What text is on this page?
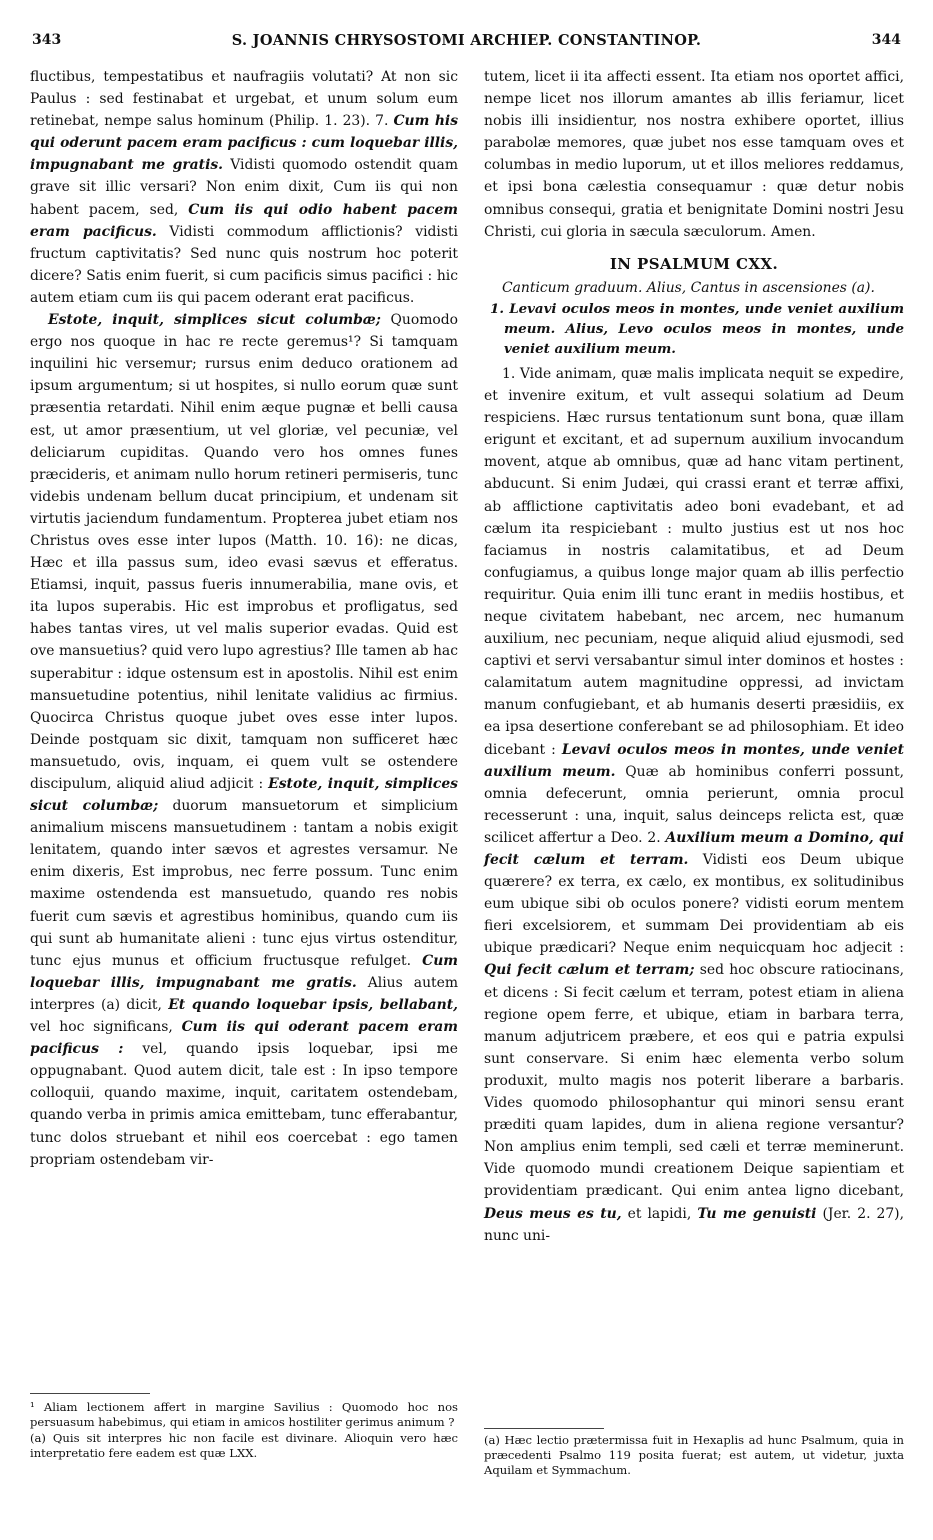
343	S. JOANNIS CHRYSOSTOMI ARCHIEP. CONSTANTINOP.	344

fluctibus, tempestatibus et naufragiis volutati? At non sic Paulus : sed festinabat et urgebat, et unum solum eum retinebat, nempe salus hominum (Philip. 1. 23). 7. Cum his qui oderunt pacem eram pacificus : cum loquebar illis, impugnabant me gratis. Vidisti quomodo ostendit quam grave sit illic versari? Non enim dixit, Cum iis qui non habent pacem, sed, Cum iis qui odio habent pacem eram pacificus. Vidisti commodum afflictionis? vidisti fructum captivitatis? Sed nunc quis nostrum hoc poterit dicere? Satis enim fuerit, si cum pacificis simus pacifici : hic autem etiam cum iis qui pacem oderant erat pacificus.

Estote, inquit, simplices sicut columbæ; Quomodo ergo nos quoque in hac re recte geremus¹? Si tamquam inquilini hic versemur; rursus enim deduco orationem ad ipsum argumentum; si ut hospites, si nullo eorum quæ sunt præsentia retardati. Nihil enim æque pugnæ et belli causa est, ut amor præsentium, ut vel gloriæ, vel pecuniæ, vel deliciarum cupiditas. Quando vero hos omnes funes præcideris, et animam nullo horum retineri permiseris, tunc videbis undenam bellum ducat principium, et undenam sit virtutis jaciendum fundamentum. Propterea jubet etiam nos Christus oves esse inter lupos (Matth. 10. 16): ne dicas, Hæc et illa passus sum, ideo evasi sævus et efferatus. Etiamsi, inquit, passus fueris innumerabilia, mane ovis, et ita lupos superabis. Hic est improbus et profligatus, sed habes tantas vires, ut vel malis superior evadas. Quid est ove mansuetius? quid vero lupo agrestius? Ille tamen ab hac superabitur : idque ostensum est in apostolis. Nihil est enim mansuetudine potentius, nihil lenitate validius ac firmius. Quocirca Christus quoque jubet oves esse inter lupos. Deinde postquam sic dixit, tamquam non sufficeret hæc mansuetudo, ovis, inquam, ei quem vult se ostendere discipulum, aliquid aliud adjicit : Estote, inquit, simplices sicut columbæ; duorum mansuetorum et simplicium animalium miscens mansuetudinem : tantam a nobis exigit lenitatem, quando inter sævos et agrestes versamur. Ne enim dixeris, Est improbus, nec ferre possum. Tunc enim maxime ostendenda est mansuetudo, quando res nobis fuerit cum sævis et agrestibus hominibus, quando cum iis qui sunt ab humanitate alieni : tunc ejus virtus ostenditur, tunc ejus munus et officium fructusque refulget. Cum loquebar illis, impugnabant me gratis. Alius autem interpres (a) dicit, Et quando loquebar ipsis, bellabant, vel hoc significans, Cum iis qui oderant pacem eram pacificus : vel, quando ipsis loquebar, ipsi me oppugnabant. Quod autem dicit, tale est : In ipso tempore colloquii, quando maxime, inquit, caritatem ostendebam, quando verba in primis amica emittebam, tunc efferabantur, tunc dolos struebant et nihil eos coercebat : ego tamen propriam ostendebam vir-

¹ Aliam lectionem affert in margine Savilius : Quomodo hoc nos persuasum habebimus, qui etiam in amicos hostiliter gerimus animum ?

(a) Quis sit interpres hic non facile est divinare. Alioquin vero hæc interpretatio fere eadem est quæ LXX.

tutem, licet ii ita affecti essent. Ita etiam nos oportet affici, nempe licet nos illorum amantes ab illis feriamur, licet nobis illi insidientur, nos nostra exhibere oportet, illius parabolæ memores, quæ jubet nos esse tamquam oves et columbas in medio luporum, ut et illos meliores reddamus, et ipsi bona cælestia consequamur : quæ detur nobis omnibus consequi, gratia et benignitate Domini nostri Jesu Christi, cui gloria in sæcula sæculorum. Amen.

IN PSALMUM CXX.

Canticum graduum. Alius, Cantus in ascensiones (a).

1. Levavi oculos meos in montes, unde veniet auxilium meum. Alius, Levo oculos meos in montes, unde veniet auxilium meum.

1. Vide animam, quæ malis implicata nequit se expedire, et invenire exitum, et vult assequi solatium ad Deum respiciens. Hæc rursus tentationum sunt bona, quæ illam erigunt et excitant, et ad supernum auxilium invocandum movent, atque ab omnibus, quæ ad hanc vitam pertinent, abducunt. Si enim Judæi, qui crassi erant et terræ affixi, ab afflictione captivitatis adeo boni evadebant, et ad cælum ita respiciebant : multo justius est ut nos hoc faciamus in nostris calamitatibus, et ad Deum confugiamus, a quibus longe major quam ab illis perfectio requiritur. Quia enim illi tunc erant in mediis hostibus, et neque civitatem habebant, nec arcem, nec humanum auxilium, nec pecuniam, neque aliquid aliud ejusmodi, sed captivi et servi versabantur simul inter dominos et hostes : calamitatum autem magnitudine oppressi, ad invictam manum confugiebant, et ab humanis deserti præsidiis, ex ea ipsa desertione conferebant se ad philosophiam. Et ideo dicebant : Levavi oculos meos in montes, unde veniet auxilium meum. Quæ ab hominibus conferri possunt, omnia defecerunt, omnia perierunt, omnia procul recesserunt : una, inquit, salus deinceps relicta est, quæ scilicet affertur a Deo. 2. Auxilium meum a Domino, qui fecit cælum et terram. Vidisti eos Deum ubique quærere? ex terra, ex cælo, ex montibus, ex solitudinibus eum ubique sibi ob oculos ponere? vidisti eorum mentem fieri excelsiorem, et summam Dei providentiam ab eis ubique prædicari? Neque enim nequicquam hoc adjecit : Qui fecit cælum et terram; sed hoc obscure ratiocinans, et dicens : Si fecit cælum et terram, potest etiam in aliena regione opem ferre, et ubique, etiam in barbara terra, manum adjutricem præbere, et eos qui e patria expulsi sunt conservare. Si enim hæc elementa verbo solum produxit, multo magis nos poterit liberare a barbaris. Vides quomodo philosophantur qui minori sensu erant præditi quam lapides, dum in aliena regione versantur? Non amplius enim templi, sed cæli et terræ meminerunt. Vide quomodo mundi creationem Deique sapientiam et providentiam prædicant. Qui enim antea ligno dicebant, Deus meus es tu, et lapidi, Tu me genuisti (Jer. 2. 27), nunc uni-

(a) Hæc lectio prætermissa fuit in Hexaplis ad hunc Psalmum, quia in præcedenti Psalmo 119 posita fuerat; est autem, ut videtur, juxta Aquilam et Symmachum.
